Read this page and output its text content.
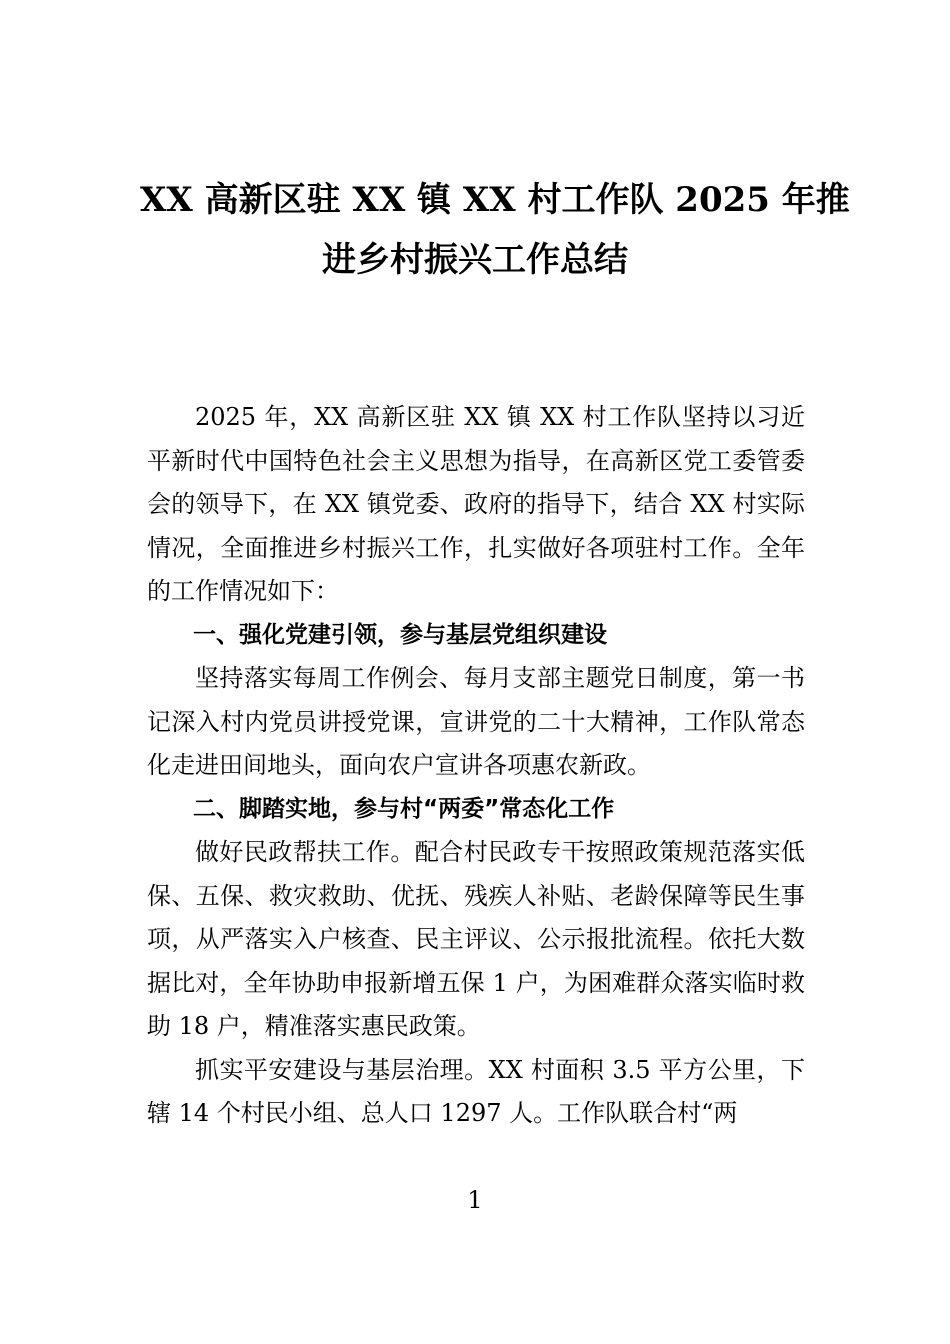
XX 高新区驻 XX 镇 XX 村工作队 2025 年推
进乡村振兴工作总结

2025 年，XX 高新区驻 XX 镇 XX 村工作队坚持以习近平新时代中国特色社会主义思想为指导，在高新区党工委管委会的领导下，在 XX 镇党委、政府的指导下，结合 XX 村实际情况，全面推进乡村振兴工作，扎实做好各项驻村工作。全年的工作情况如下：

一、强化党建引领，参与基层党组织建设

坚持落实每周工作例会、每月支部主题党日制度，第一书记深入村内党员讲授党课，宣讲党的二十大精神，工作队常态化走进田间地头，面向农户宣讲各项惠农新政。

二、脚踏实地，参与村“两委”常态化工作

做好民政帮扶工作。配合村民政专干按照政策规范落实低保、五保、救灾救助、优抚、残疾人补贴、老龄保障等民生事项，从严落实入户核查、民主评议、公示报批流程。依托大数据比对，全年协助申报新增五保 1 户，为困难群众落实临时救助 18 户，精准落实惠民政策。

抓实平安建设与基层治理。XX 村面积 3.5 平方公里，下辖 14 个村民小组、总人口 1297 人。工作队联合村“两

1
